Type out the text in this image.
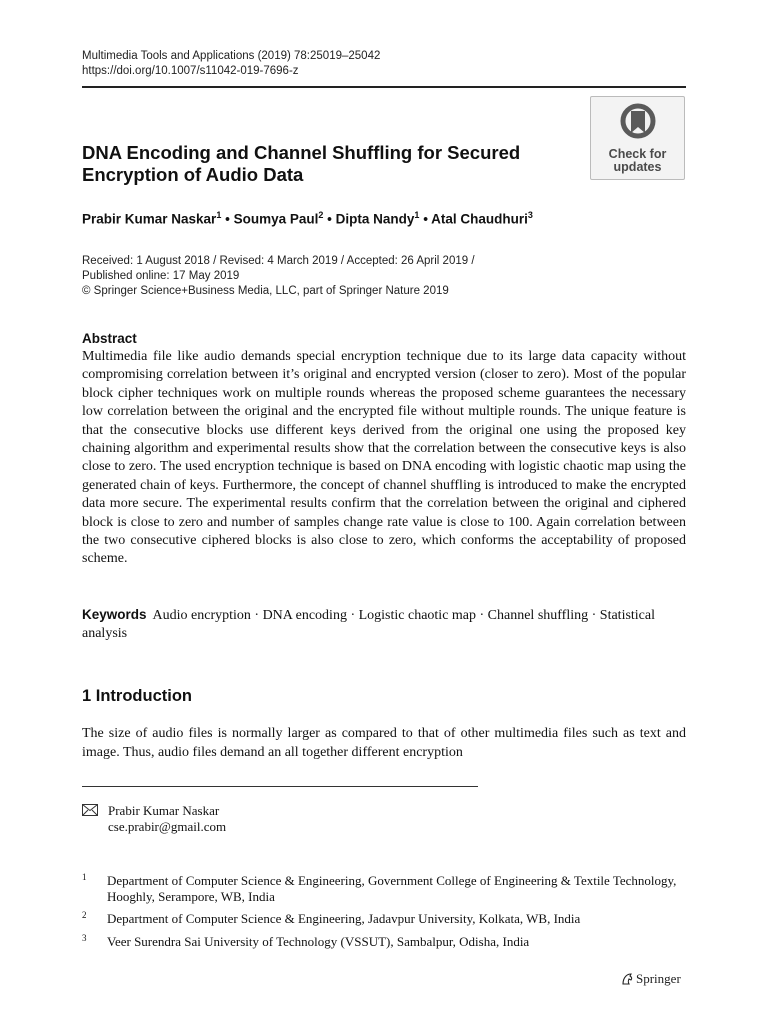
Multimedia Tools and Applications (2019) 78:25019–25042
https://doi.org/10.1007/s11042-019-7696-z
Check for
updates
DNA Encoding and Channel Shuffling for Secured
Encryption of Audio Data
Prabir Kumar Naskar$^1$ • Soumya Paul$^2$ • Dipta Nandy$^1$ • Atal Chaudhuri$^3$
Received: 1 August 2018 / Revised: 4 March 2019 / Accepted: 26 April 2019 /
Published online: 17 May 2019
© Springer Science+Business Media, LLC, part of Springer Nature 2019
Abstract
Multimedia file like audio demands special encryption technique due to its large data capacity without compromising correlation between it’s original and encrypted version (closer to zero). Most of the popular block cipher techniques work on multiple rounds whereas the proposed scheme guarantees the necessary low correlation between the original and the encrypted file without multiple rounds. The unique feature is that the consecutive blocks use different keys derived from the original one using the proposed key chaining algorithm and experimental results show that the correlation between the consecutive keys is also close to zero. The used encryption technique is based on DNA encoding with logistic chaotic map using the generated chain of keys. Furthermore, the concept of channel shuffling is introduced to make the encrypted data more secure. The experimental results confirm that the correlation between the original and ciphered block is close to zero and number of samples change rate value is close to 100. Again correlation between the two consecutive ciphered blocks is also close to zero, which conforms the acceptability of proposed scheme.
Keywords Audio encryption · DNA encoding · Logistic chaotic map · Channel shuffling · Statistical analysis
1 Introduction
The size of audio files is normally larger as compared to that of other multimedia files such as text and image. Thus, audio files demand an all together different encryption
Prabir Kumar Naskar
cse.prabir@gmail.com
1 Department of Computer Science & Engineering, Government College of Engineering & Textile Technology, Hooghly, Serampore, WB, India
2 Department of Computer Science & Engineering, Jadavpur University, Kolkata, WB, India
3 Veer Surendra Sai University of Technology (VSSUT), Sambalpur, Odisha, India
Springer
